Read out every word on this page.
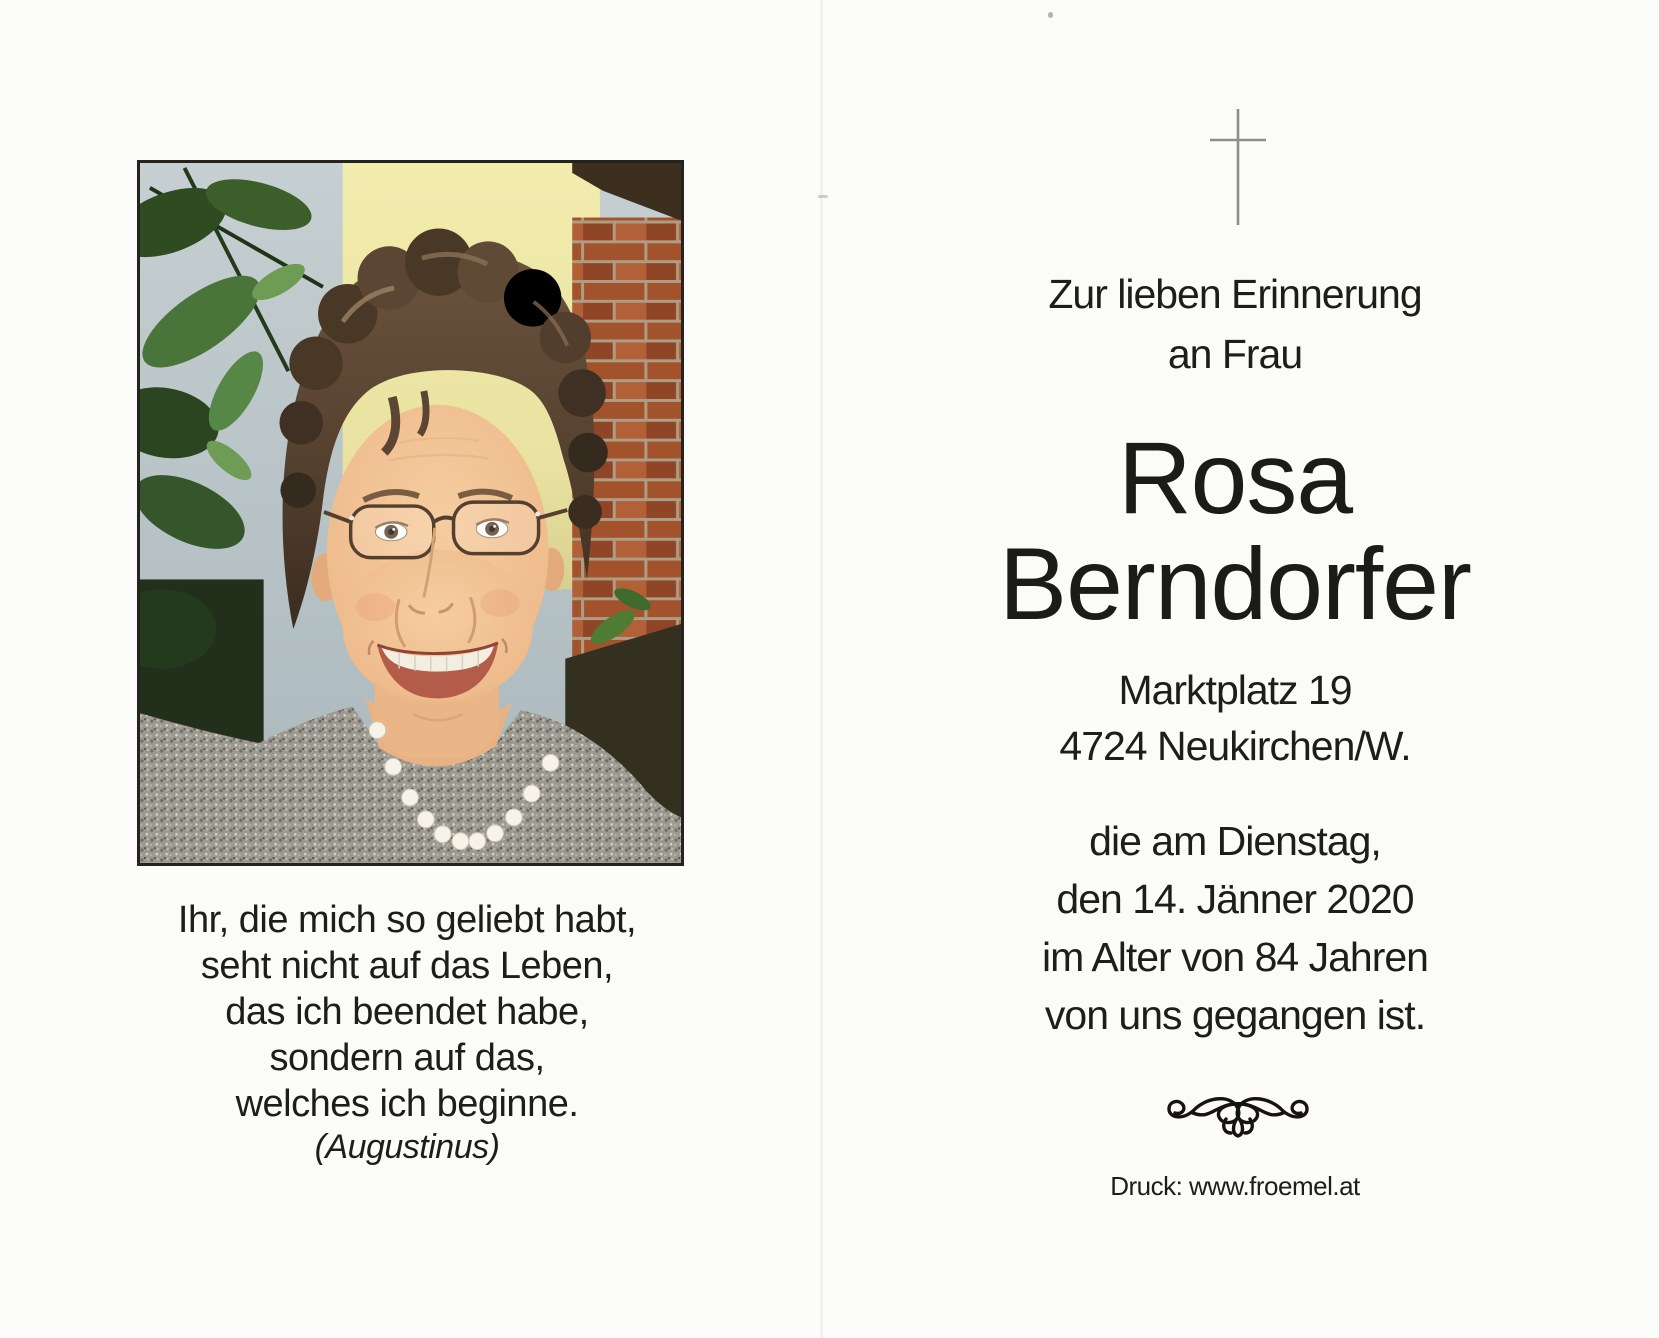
Ihr, die mich so geliebt habt,
seht nicht auf das Leben,
das ich beendet habe,
sondern auf das,
welches ich beginne.
(Augustinus)
Zur lieben Erinnerung
an Frau
Rosa
Berndorfer
Marktplatz 19
4724 Neukirchen/W.
die am Dienstag,
den 14. Jänner 2020
im Alter von 84 Jahren
von uns gegangen ist.
Druck: www.froemel.at
